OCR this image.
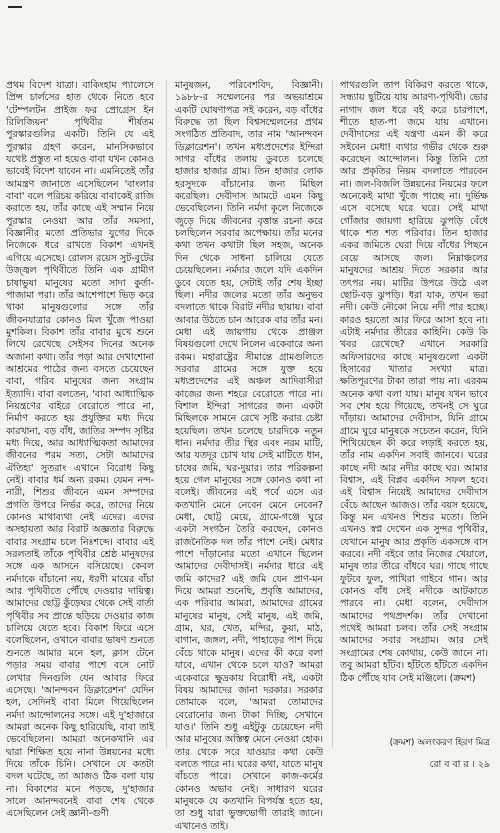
প্রথম বিদেশ যাত্রা। বাকিংহাম প্যালেসে প্রিন্স চার্লসের হাত থেকে নিতে হবে 'টেম্পলটন প্রাইজ ফর প্রোগ্রেস ইন রিলিজিয়ন' পৃথিবীর শীর্ষতম পুরস্কারগুলির একটি। তিনি যে এই পুরস্কার গ্রহণ করেন, মানসিকভাবে যথেষ্ট প্রস্তুত না হয়েও বাবা যখন কোনও ভাবেই বিদেশ যাবেন না। এমনিতেই তাঁর আমন্ত্রণ জানাতে এসেছিলেন 'বাংলার বাবা' বলে পরিচয় করিয়ে বাবাকেই রাজি করাতে হয়, তাঁর কাছে এই সম্মান নিয়ে পুরস্কার নেওয়া আর তাঁর সমস্যা, বিজ্ঞানীর মতো প্রতিভার যুগের দিকে নিজেকে ধরে রাখতে বিকাশ এখনই এগিয়ে এসেছে। রোলস রয়েস সুট-বুটের উজ্জ্বল পৃথিবীতে তিনি এক গ্রামীণ চাষাভুষা মানুষের মতো সাদা কুর্তা-পাজামা পরা। তাঁর আশেপাশে ভিড় করে থাকা মানুষগুলোর সঙ্গে তাঁর জীবনযাত্রার কোনও মিল খুঁজে পাওয়া মুশকিল। বিকাশ তাঁর বাবার মুখে শুনে লিখে রেখেছে সেইসব দিনের অনেক অজানা কথা। তাঁর পড়া আর দেখাশোনা আশ্রমের পাঠের জন্য বসতে চেয়েছেন বাবা, গরিব মানুষের জন্য সংগ্রাম ইত্যাদি। বাবা বলতেন, 'বাবা আধ্যাত্মিক নিয়ন্ত্রণের বাইরে বেরোতে পারে না, নির্মাণ করতে হয় প্রযুক্তির মধ্য দিয়ে কারখানা, বড় বাঁধ, জাতির সম্পদ সৃষ্টির মধ্য দিয়ে, আর আধ্যাত্মিকতা আমাদের জীবনের পরম সত্য, সেটা আমাদের ঐতিহ্য' সুতরাং এখানে বিরোধ কিছু নেই। বাবার ধর্ম অন্য রকম। যেমন নন্দ-নারী, শিশুর জীবনে এমন সম্পদের প্রগতি উপরে নির্ভর করে, তাদের নিয়ে কোনও মাথাব্যথা নেই এদের। এদের অসহায়তা আর বিরাট অজ্ঞতার বিরুদ্ধে বাবার সংগ্রাম চলে নিঃশব্দে। বাবার এই সরলতাই তাঁকে পৃথিবীর শ্রেষ্ঠ মানুষদের সঙ্গে এক আসনে বসিয়েছে। কেবল নর্মদাকে বাঁচানো নয়, ধরণী মায়ের বাঁচা আর পৃথিবীতে পৌঁছে দেওয়ার দায়িত্ব। আমাদের ছোট্ট কুঁড়েঘর থেকে সেই বার্তা পৃথিবীর সব প্রান্তে ছড়িয়ে দেওয়ার কাজ চালিয়ে যেতে হবে। বিকাশ ফিরে এসে বলেছিলেন, ওখানে বাবার ভাষণ শুনতে শুনতে আমার মনে হল, ক্লাস টেনে পড়ার সময় বাবার পাশে বসে নোট লেখার দিনগুলি যেন আবার ফিরে এসেছে। 'আনন্দবন ডিক্লারেশন' যেদিন হল, সেদিনই বাবা মিলে গিয়েছিলেন নর্মদা আন্দোলনের সঙ্গে। এই দু'হাজারে আমরা অনেক কিছু হারিয়েছি, বাবা তাই ভেবেছিলেন। আমরা অনেকখানি এর দ্বারা শিক্ষিত হয়ে নানা উন্নয়নের মধ্যে দিয়ে তাঁকে চিনি। সেখানে যে কতটা বদল ঘটেছে, তা আজও ঠিক বলা যায় না। বিকাশের মনে পড়ছে, দু'হাজার সালে আনন্দবনেই বাবা শেষ থেকে এসেছিলেন সেই জ্ঞানী-গুণী

মানুষজন, পরিবেশবিদ, বিজ্ঞানী। ১৯৮৮-র সম্মেলনের পর অভয়াশ্রমে একটি ঘোষণাপত্র সই করেন, বড় বাঁধের বিরুদ্ধে তা ছিল বিশ্বসম্মেলনের প্রথম সংগঠিত প্রতিবাদ, তার নাম 'আনন্দবন ডিক্লারেশন'। তখন মধ্যপ্রদেশের ইন্দিরা সাগর বাঁধের তলায় ডুবতে চলেছে হাজার হাজার গ্রাম। তিন হাজার লোক হরসুদকে বাঁচানোর জন্য মিছিল করেছিল। দেবীদাস আমটে এমন কিছু ভেবেছিলেন। তিনি নর্মদা কূলে নিজেকে জুড়ে দিয়ে জীবনের বৃত্তান্ত রচনা করে চলছিলেন সরবার অপেক্ষায়। তাঁর মনের কথা তখন কথাটা ছিল সহজ, অনেক দিন থেকে সাধনা চালিয়ে যেতে চেয়েছিলেন। নর্মদার জলে যদি একদিন ডুবে যেতে হয়, সেটাই তাঁর শেষ ইচ্ছা ছিল। নদীর জলের মতো তাঁর অনুভব বদলাতে থাকে বিরাট নদীর ছায়ায়। বাবা আবার উঠতে চান আরেক বার তাঁর মন। মেধা এই জায়গায় থেকে প্রাঞ্জল বিষয়গুলো দেখে নিলেন একেবারে অন্য রকম। মহারাষ্ট্রের সীমান্তে গ্রামগুলিতে সরবার গ্রামের সঙ্গে যুক্ত হয়ে মধ্যপ্রদেশের এই অঞ্চল আদিবাসীরা কাজের জন্য শহরে বেরোতে পারে না। বিশাল ইন্দিরা সাগরের জন্য একটা মিছিলকে সামনে রেখে সৃষ্টি করার চেষ্টা হয়েছিল। তখন চলেছে চারদিকে নতুন ধান। নর্মদার তীর স্থির এবং নরম মাটি, আর যতদূর চোখ যায় সেই মাটিতে ধান, চাষের জমি, ঘর-দুয়ার। তার পরিকল্পনা হয়ে গেল মানুষের সঙ্গে কোনও কথা না বলেই। জীবনের এই পর্বে এসে এর কতখানি মেনে নেবেন মেনে নেবেন? মেধা, ছোট্ট মেয়ে, গ্রামে-গঞ্জে ঘুরে একটা সংগঠন তৈরি করছেন, কোনও রাজনৈতিক দল তাঁর পাশে নেই। মেধার পাশে দাঁড়ানোর মতো এখানে ছিলেন আমাদের দেবীদাসই। নর্মদার ধারে এই জমি কাদের? এই জমি যেন প্রাণ-মন দিয়ে আমরা শুনেছি, প্রবৃত্তি আমাদের, এক পরিবার আমরা, আমাদের গ্রামের মানুষের মানুষ, সেই মানুষ, এই জমি, গ্রাম, ঘর, খেত, মন্দির, কুয়া, মাঠ, বাগান, জঙ্গল, নদী, পাহাড়ের পাশ দিয়ে বেঁচে থাকে মানুষ। এদের কী করে বলা যাবে, এখান থেকে চলে যাও? আমরা একেবারে ক্ষুদ্রকায় বিরোধী নই, একটা বিষয় আমাদের জানা দরকার। সরকার তোমাকে বলে, 'আমরা তোমাদের বেরোনোর জন্য টাকা দিচ্ছি, সেখানে যাও।' তিনি শুধু এইটুকু চেয়েছেন নদী আর মানুষের অস্তিত্ব মেনে নেওয়া হোক। তার থেকে সরে যাওয়ার কথা কেউ বলতে পারে না। ঘরের কথা, যাতে মানুষ বাঁচতে পারে। সেখানে কাজ-কর্মের কোনও অভাব নেই। সাধারণ ঘরের মানুষকে যে কতখানি বিপর্যস্ত হতে হয়, তা শুধু যারা ভুক্তভোগী তারাই জানে। এখানেও তাই।

পাথরগুলি তাপ বিকিরণ করতে থাকে, সন্ধ্যায় ছুটিয়ে যায় আরণ্য-পৃথিবী। ভোর নাগাদ জল ধরে বই করে চারপাশে, শীতে হাত-পা জমে যায় এখানে। দেবীদাসের এই যন্ত্রণা এমন কী করে সইবেন মেধা! ব্যথার গভীর থেকে শুরু করেছেন আন্দোলন। কিন্তু তিনি তো আর প্রকৃতির নিয়ম বদলাতে পারবেন না। জল-বিজলি উন্নয়নের নিয়মের ফলে অনেকেই মাথা খুঁজে পাচ্ছে না। দুর্ভিক্ষ এসে বসেছে ঘরে ঘরে। সেই মাথা গোঁজার জায়গা হারিয়ে ঝুপড়ি বেঁধে থাকে শত শত পরিবার। তিন হাজার একর জমিতে ঘেরা দিয়ে বাঁধের পিছনে বেয়ে আসছে জল। নিম্নাঞ্চলের মানুষদের আশ্রয় দিতে সরকার আর তৎপর নয়। মাটির উপরে উঠে এল ছোট-বড় ঝুপড়ি। ধরা যাক, তখন ভরা নদী। কেউ নৌকো নিয়ে নদী পার হচ্ছে। কারও হয়তো আর ফিরে আসা হবে না। এটাই নর্মদার তীরের কাহিনি। কেউ কি খবর রেখেছে? এখানে সরকারি অফিসারদের কাছে মানুষগুলো একটা হিসাবের খাতার সংখ্যা মাত্র। ক্ষতিপূরণের টাকা তারা পায় না। এরকম অনেক কথা বলা যায়। মানুষ যখন ভাবে সব শেষ হয়ে গিয়েছে, তখনই সে ঘুরে দাঁড়ায়। আমাদের দেবীদাস, যিনি গ্রামে গ্রামে ঘুরে মানুষকে সচেতন করেন, যিনি শিখিয়েছেন কী করে লড়াই করতে হয়, তাঁর নাম একদিন সবাই জানবে। ঘরের কাছে নদী আর নদীর কাছে ঘর। আমার বিশ্বাস, এই বিপ্লব একদিন সফল হবে। এই বিশ্বাস নিয়েই আমাদের দেবীদাস বেঁচে আছেন আজও। তাঁর বয়স হয়েছে, কিন্তু মন এখনও শিশুর মতো। তিনি এখনও স্বপ্ন দেখেন এক সুন্দর পৃথিবীর, যেখানে মানুষ আর প্রকৃতি একসঙ্গে বাস করবে। নদী বইবে তার নিজের খেয়ালে, মানুষ তার তীরে বাঁধবে ঘর। গাছে গাছে ফুটবে ফুল, পাখিরা গাইবে গান। আর কোনও বাঁধ সেই নদীকে আটকাতে পারবে না। মেধা বলেন, দেবীদাস আমাদের পথপ্রদর্শক। তাঁর দেখানো পথেই আমরা চলব। তাঁর সেই সংগ্রাম আমাদের সবার সংগ্রাম। আর সেই সংগ্রামের শেষ কোথায়, কেউ জানে না। তবু আমরা হাঁটব। হাঁটতে হাঁটতে একদিন ঠিক পৌঁছে যাব সেই মঞ্জিলে। (ক্রমশ)

(ক্রমশ) অলংকরণ হিরণ মিত্র
রো ব বা র । ২৯
